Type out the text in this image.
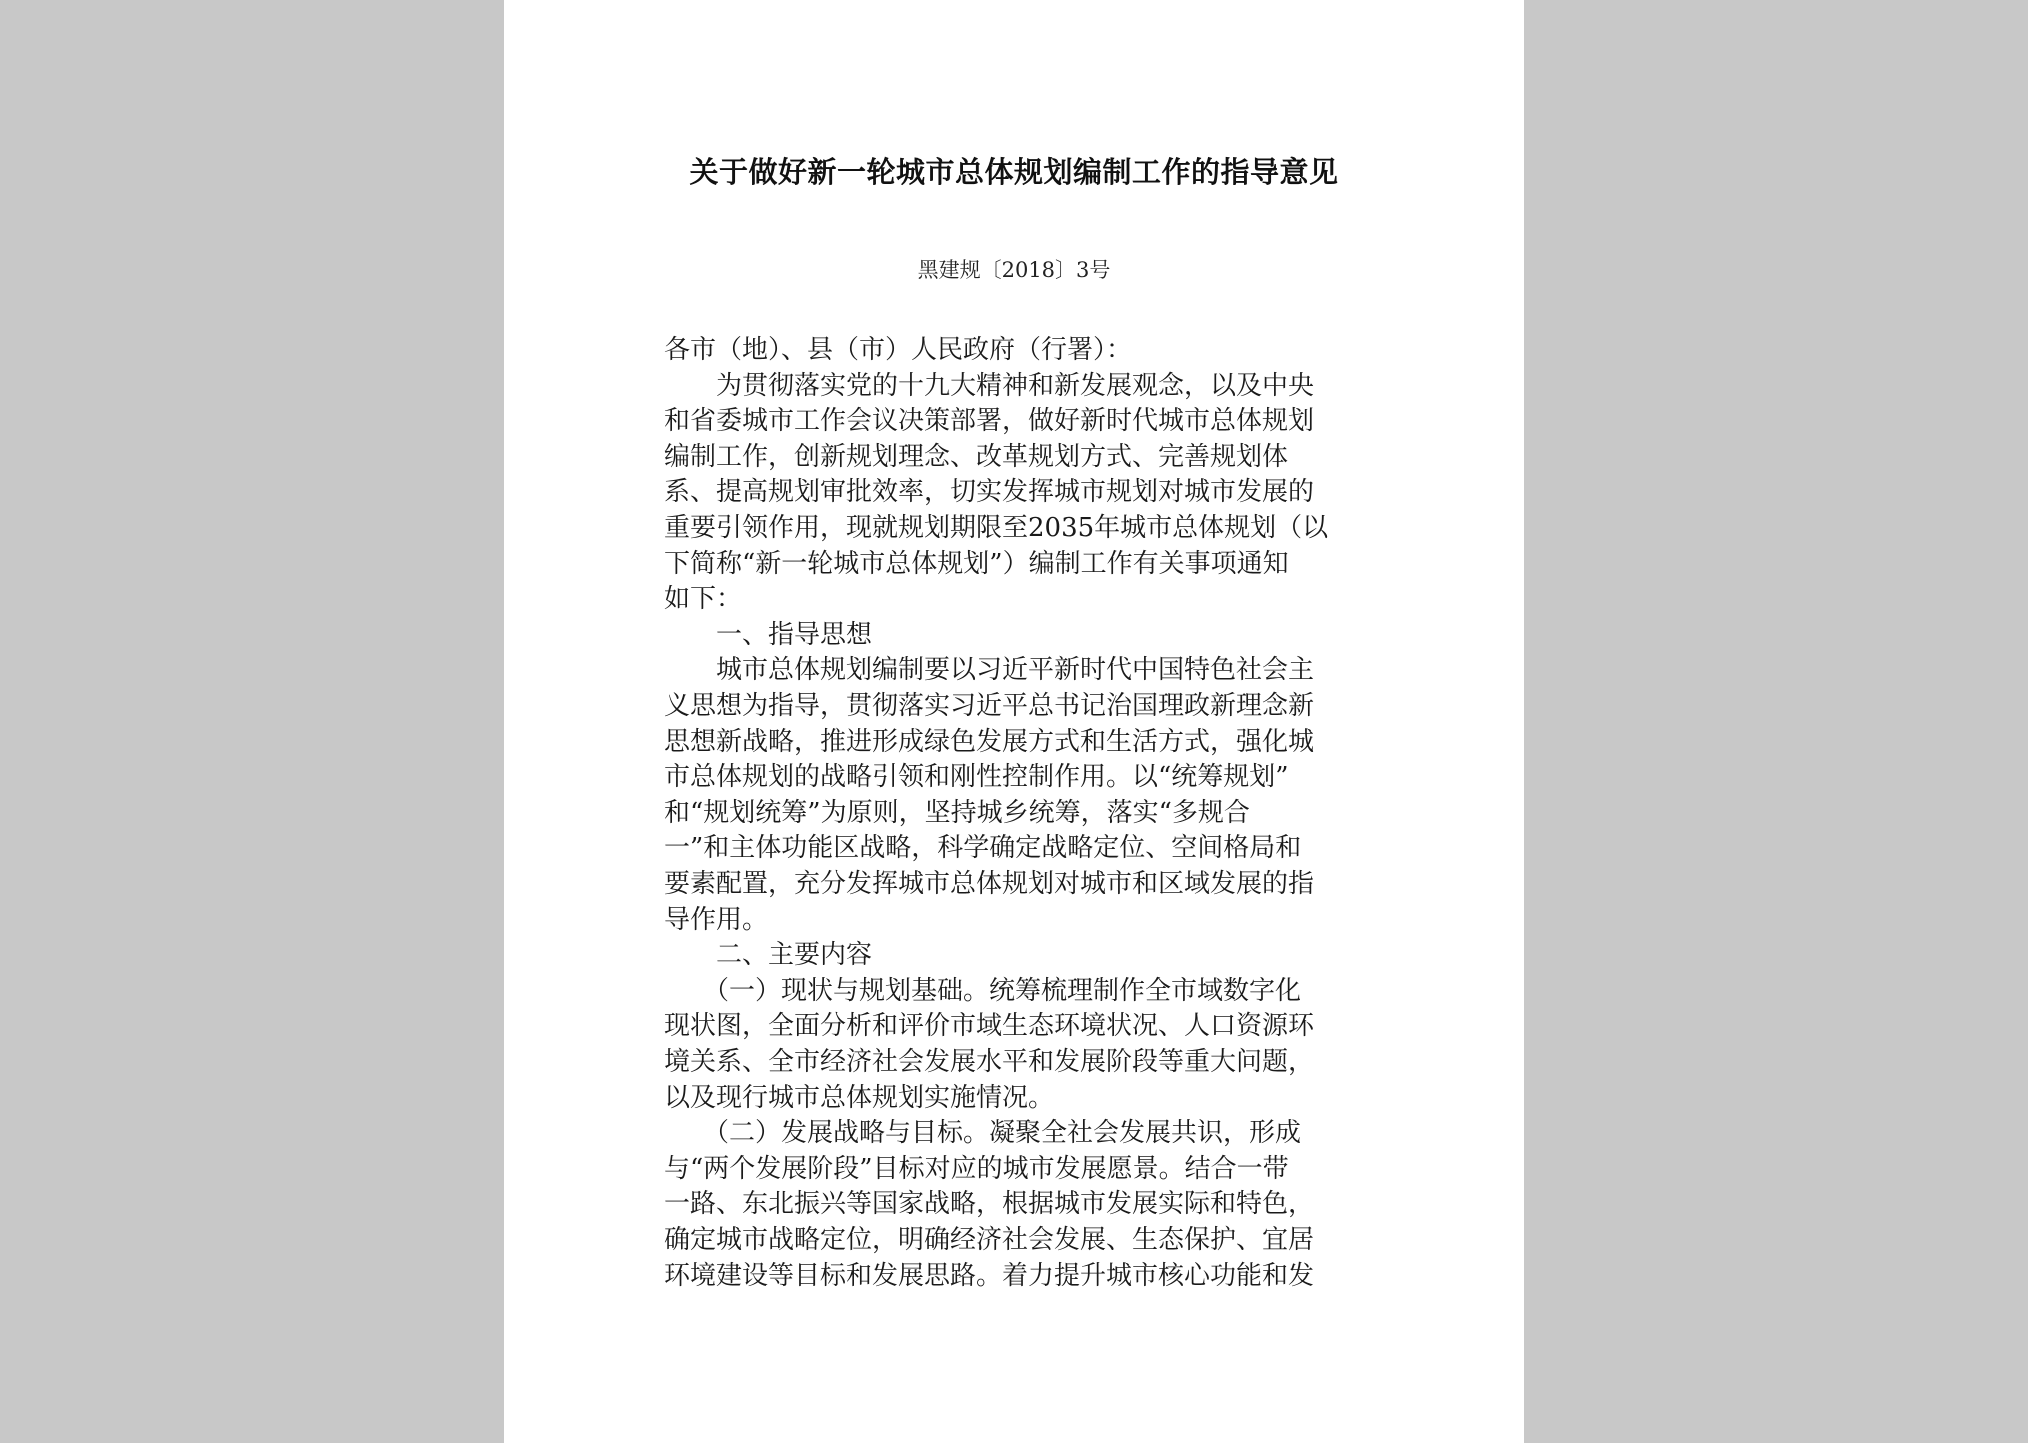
关于做好新一轮城市总体规划编制工作的指导意见
黑建规〔2018〕3号
各市（地）、县（市）人民政府（行署）：
　　为贯彻落实党的十九大精神和新发展观念，以及中央
和省委城市工作会议决策部署，做好新时代城市总体规划
编制工作，创新规划理念、改革规划方式、完善规划体
系、提高规划审批效率，切实发挥城市规划对城市发展的
重要引领作用，现就规划期限至2035年城市总体规划（以
下简称“新一轮城市总体规划”）编制工作有关事项通知
如下：
　　一、指导思想
　　城市总体规划编制要以习近平新时代中国特色社会主
义思想为指导，贯彻落实习近平总书记治国理政新理念新
思想新战略，推进形成绿色发展方式和生活方式，强化城
市总体规划的战略引领和刚性控制作用。以“统筹规划”
和“规划统筹”为原则，坚持城乡统筹，落实“多规合
一”和主体功能区战略，科学确定战略定位、空间格局和
要素配置，充分发挥城市总体规划对城市和区域发展的指
导作用。
　　二、主要内容
　　（一）现状与规划基础。统筹梳理制作全市域数字化
现状图，全面分析和评价市域生态环境状况、人口资源环
境关系、全市经济社会发展水平和发展阶段等重大问题，
以及现行城市总体规划实施情况。
　　（二）发展战略与目标。凝聚全社会发展共识，形成
与“两个发展阶段”目标对应的城市发展愿景。结合一带
一路、东北振兴等国家战略，根据城市发展实际和特色，
确定城市战略定位，明确经济社会发展、生态保护、宜居
环境建设等目标和发展思路。着力提升城市核心功能和发
